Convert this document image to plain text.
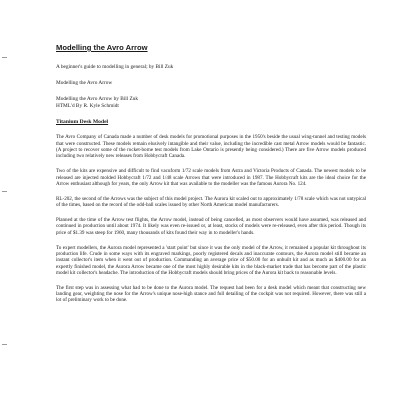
Modelling the Avro Arrow

A beginner's guide to modelling in general; by Bill Zuk

Modelling the Avro Arrow

Modelling the Avro Arrow by Bill Zuk

HTML'd By R. Kyle Schmidt

Titanium Desk Model

The Avro Company of Canada made a number of desk models for promotional purposes in the 1950's beside the usual wing-tunnel and testing models that were constructed. These models remain elusively intangible and their value, including the incredible cast metal Arrow models would be fantastic. (A project to recover some of the rocket-borne test models from Lake Ontario is presently being considered.) There are five Arrow models produced including two relatively new releases from Hobbycraft Canada.

Two of the kits are expensive and difficult to find vacuform 1/72 scale models from Astra and Victoria Products of Canada. The newest models to be released are injected molded Hobbycraft 1/72 and 1/48 scale Arrows that were introduced in 1987. The Hobbycraft kits are the ideal choice for the Arrow enthusiast although for years, the only Arrow kit that was available to the modeller was the famous Aurora No. 124.

RL-202, the second of the Arrows was the subject of this model project. The Aurora kit scaled out to approximately 1/78 scale which was not untypical of the times, based on the record of the odd-ball scales issued by other North American model manufacturers.

Planned at the time of the Arrow test flights, the Arrow model, instead of being cancelled, as most observers would have assumed, was released and continued in production until about 1974. It likely was even re-issued or, at least, stocks of models were re-released, even after this period. Though its price of $1.39 was steep for 1960, many thousands of kits found their way in to modeller's hands.

To expert modellers, the Aurora model represented a 'start point' but since it was the only model of the Arrow, it remained a popular kit throughout its production life. Crude in some ways with its engraved markings, poorly registered decals and inaccurate contours, the Aurora model still became an instant collector's item when it went out of production. Commanding an average price of $50.00 for an unbuilt kit and as much as $400.00 for an expertly finished model, the Aurora Arrow became one of the most highly desirable kits in the black-market trade that has become part of the plastic model kit collector's headache. The introduction of the Hobbycraft models should bring prices of the Aurora kit back to reasonable levels.

The first step was in assessing what had to be done to the Aurora model. The request had been for a desk model which meant that constructing new landing gear, weighting the nose for the Arrow's unique nose-high stance and full detailing of the cockpit was not required. However, there was still a lot of preliminary work to be done.
